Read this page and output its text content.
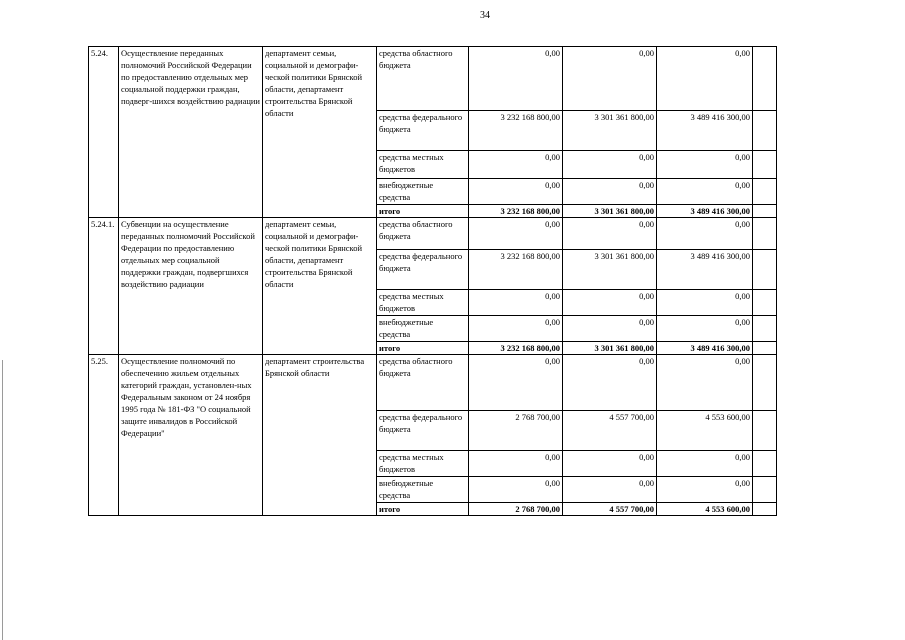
34
5.24.	Осуществление переданных полномочий Российской Федерации по предоставлению отдельных мер социальной поддержки граждан, подверг-шихся воздействию радиации	департамент семьи, социальной и демографи-ческой политики Брянской области, департамент строительства Брянской области	средства областного бюджета	0,00	0,00	0,00	
			средства федерального бюджета	3 232 168 800,00	3 301 361 800,00	3 489 416 300,00	
			средства местных бюджетов	0,00	0,00	0,00	
			внебюджетные средства	0,00	0,00	0,00	
			итого	3 232 168 800,00	3 301 361 800,00	3 489 416 300,00	
5.24.1.	Субвенции на осуществление переданных полномочий Российской Федерации по предоставлению отдельных мер социальной поддержки граждан, подвергшихся воздействию радиации	департамент семьи, социальной и демографи-ческой политики Брянской области, департамент строительства Брянской области	средства областного бюджета	0,00	0,00	0,00	
			средства федерального бюджета	3 232 168 800,00	3 301 361 800,00	3 489 416 300,00	
			средства местных бюджетов	0,00	0,00	0,00	
			внебюджетные средства	0,00	0,00	0,00	
			итого	3 232 168 800,00	3 301 361 800,00	3 489 416 300,00	
5.25.	Осуществление полномочий по обеспечению жильем отдельных категорий граждан, установлен-ных Федеральным законом от 24 ноября 1995 года № 181-ФЗ "О социальной защите инвалидов в Российской Федерации"	департамент строительства Брянской области	средства областного бюджета	0,00	0,00	0,00	
			средства федерального бюджета	2 768 700,00	4 557 700,00	4 553 600,00	
			средства местных бюджетов	0,00	0,00	0,00	
			внебюджетные средства	0,00	0,00	0,00	
			итого	2 768 700,00	4 557 700,00	4 553 600,00	
